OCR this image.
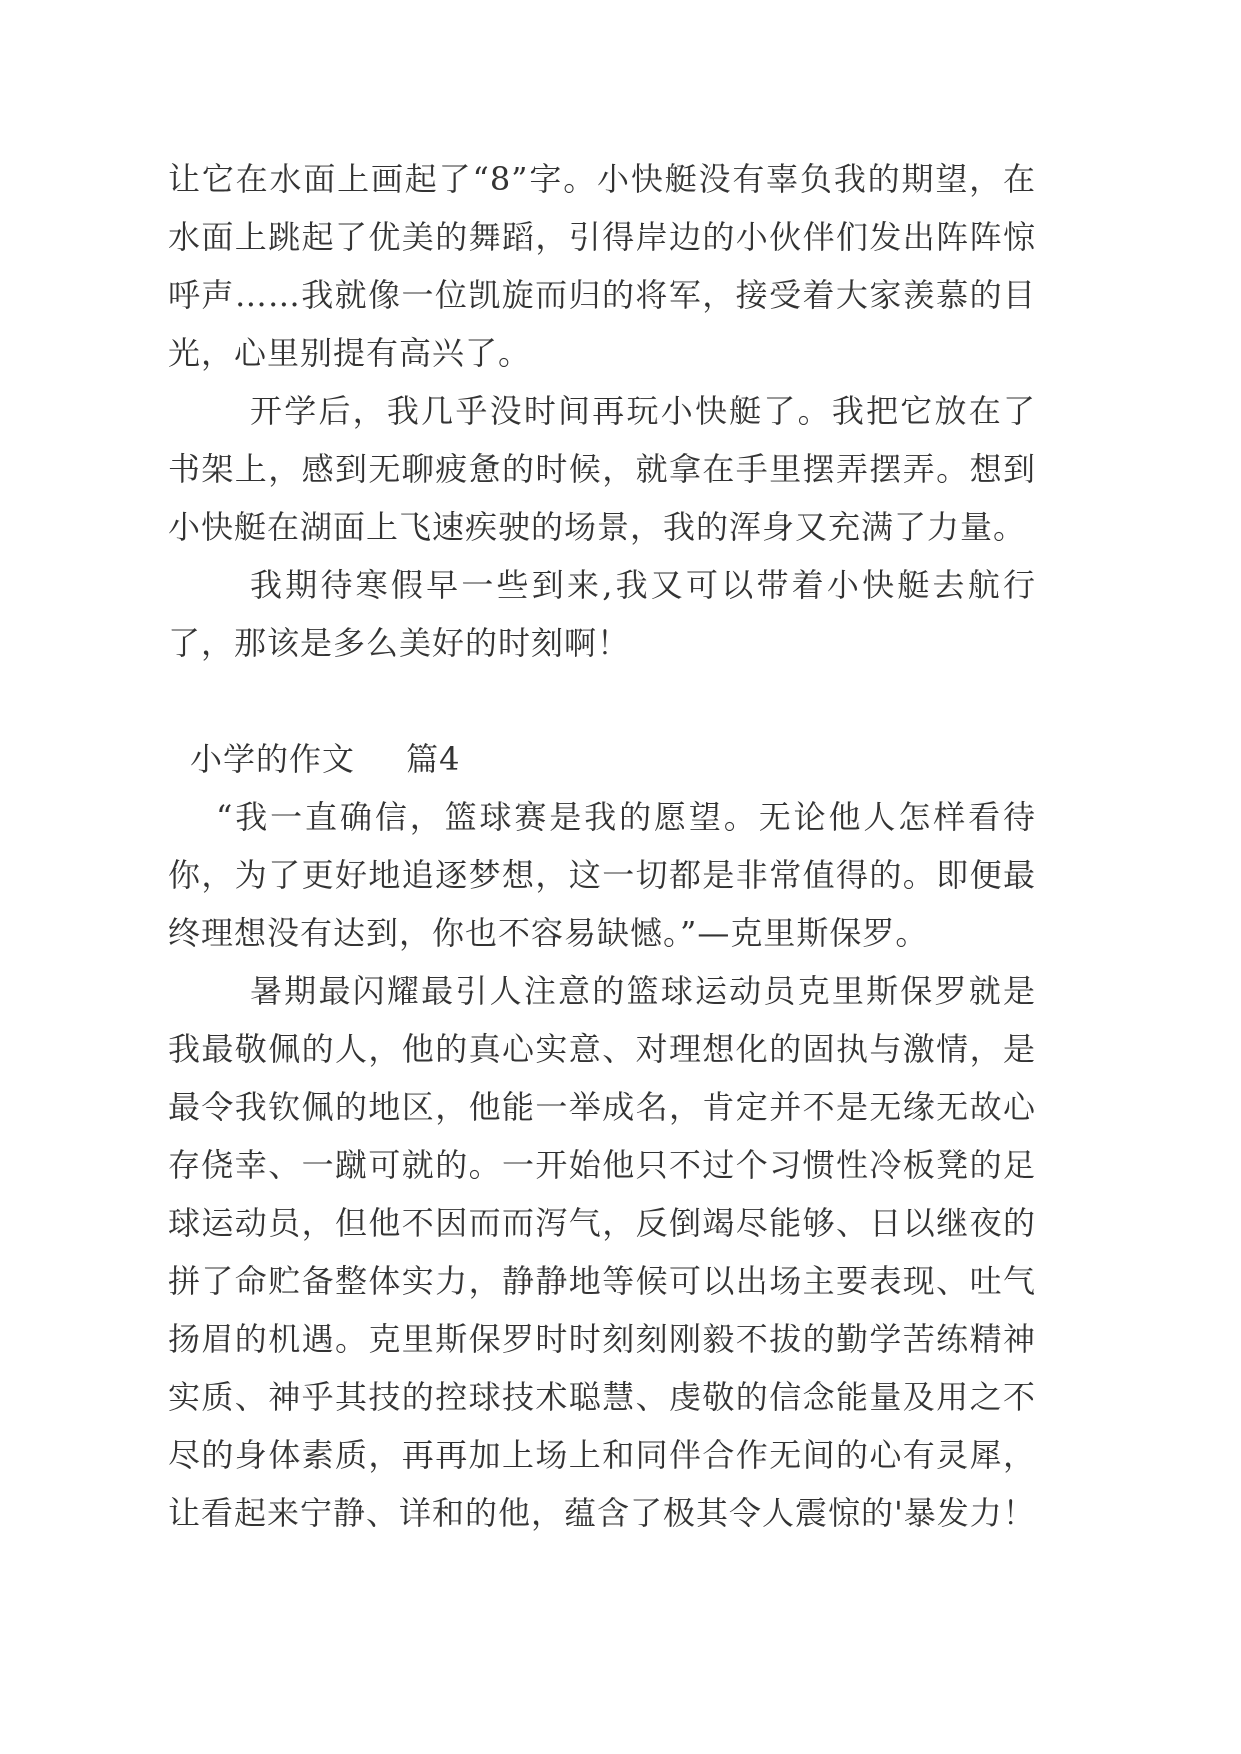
让它在水面上画起了“8”字。小快艇没有辜负我的期望，在水面上跳起了优美的舞蹈，引得岸边的小伙伴们发出阵阵惊呼声……我就像一位凯旋而归的将军，接受着大家羡慕的目光，心里别提有高兴了。

开学后，我几乎没时间再玩小快艇了。我把它放在了书架上，感到无聊疲惫的时候，就拿在手里摆弄摆弄。想到小快艇在湖面上飞速疾驶的场景，我的浑身又充满了力量。

我期待寒假早一些到来,我又可以带着小快艇去航行了，那该是多么美好的时刻啊！

小学的作文 篇4

“我一直确信，篮球赛是我的愿望。无论他人怎样看待你，为了更好地追逐梦想，这一切都是非常值得的。即便最终理想没有达到，你也不容易缺憾。”—克里斯保罗。

暑期最闪耀最引人注意的篮球运动员克里斯保罗就是我最敬佩的人，他的真心实意、对理想化的固执与激情，是最令我钦佩的地区，他能一举成名，肯定并不是无缘无故心存侥幸、一蹴可就的。一开始他只不过个习惯性冷板凳的足球运动员，但他不因而而泻气，反倒竭尽能够、日以继夜的拼了命贮备整体实力，静静地等候可以出场主要表现、吐气扬眉的机遇。克里斯保罗时时刻刻刚毅不拔的勤学苦练精神实质、神乎其技的控球技术聪慧、虔敬的信念能量及用之不尽的身体素质，再再加上场上和同伴合作无间的心有灵犀，让看起来宁静、详和的他，蕴含了极其令人震惊的'暴发力！
